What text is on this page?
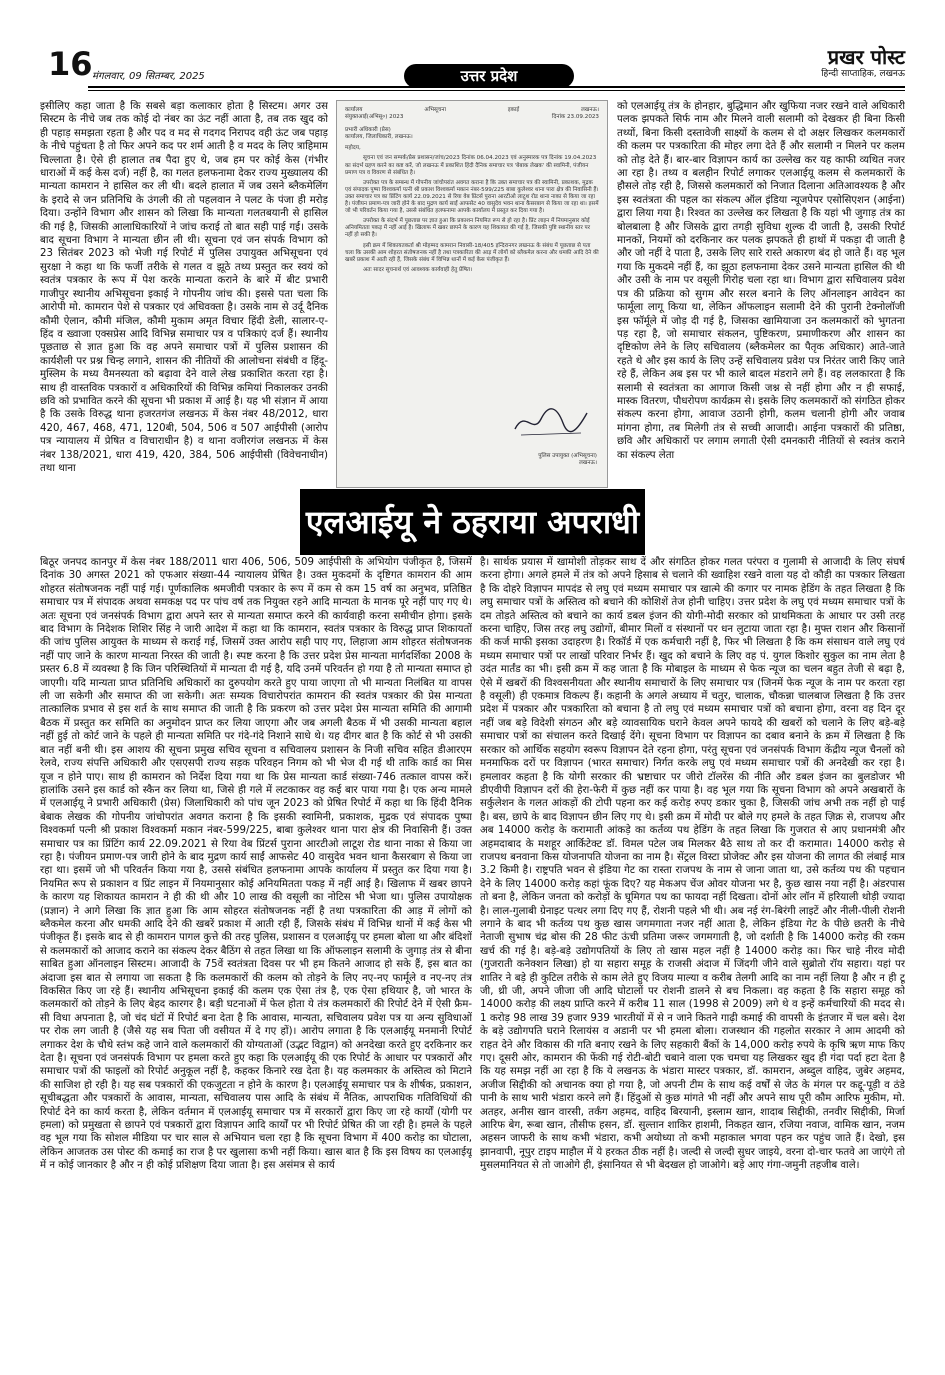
16 मंगलवार, 09 सितम्बर, 2025	उत्तर प्रदेश
प्रखर पोस्ट
हिन्दी साप्ताहिक, लखनऊ

इसीलिए कहा जाता है कि सबसे बड़ा कलाकार होता है सिस्टम। अगर उस सिस्टम के नीचे जब तक कोई दो नंबर का ऊंट नहीं आता है, तब तक खुद को ही पहाड़ समझता रहता है और पद व मद से गदगद निरापद वही ऊंट जब पहाड़ के नीचे पहुंचता है तो फिर अपने कद पर शर्म आती है व मदद के लिए त्राहिमाम चिल्लाता है। ऐसे ही हालात तब पैदा हुए थे, जब हम पर कोई केस (गंभीर धाराओं में कई केस दर्ज) नहीं है, का गलत हलफनामा देकर राज्य मुख्यालय की मान्यता कामरान ने हासिल कर ली थी। बदले हालात में जब उसने ब्लैकमेलिंग के इरादे से जन प्रतिनिधि के उंगली की तो पहलवान ने पलट के पंजा ही मरोड़ दिया। उन्होंने विभाग और शासन को लिखा कि मान्यता गलतबयानी से हासिल की गई है, जिसकी आलाधिकारियों ने जांच कराई तो बात सही पाई गई। उसके बाद सूचना विभाग ने मान्यता छीन ली थी। सूचना एवं जन संपर्क विभाग को 23 सितंबर 2023 को भेजी गई रिपोर्ट में पुलिस उपायुक्त अभिसूचना एवं सुरक्षा ने कहा था कि फर्जी तरीके से गलत व झूठे तथ्य प्रस्तुत कर स्वयं को स्वतंत्र पत्रकार के रूप में पेश करके मान्यता कराने के बारे में बीट प्रभारी गाजीपुर स्थानीय अभिसूचना इकाई ने गोपनीय जांच की। इससे पता चला कि आरोपी मो. कामरान पेशे से पत्रकार एवं अधिवक्ता है। उसके नाम से उर्दू दैनिक कौमी ऐलान, कौमी मंजिल, कौमी मुकाम अमृत विचार हिंदी डेली, सालार-ए-हिंद व ख्वाजा एक्सप्रेस आदि विभिन्न समाचार पत्र व पत्रिकाएं दर्ज हैं। स्थानीय पूछताछ से ज्ञात हुआ कि वह अपने समाचार पत्रों में पुलिस प्रशासन की कार्यशैली पर प्रश्न चिन्ह लगाने, शासन की नीतियों की आलोचना संबंधी व हिंदू-मुस्लिम के मध्य वैमनस्यता को बढ़ावा देने वाले लेख प्रकाशित करता रहा है। साथ ही वास्तविक पत्रकारों व अधिकारियों की विभिन्न कमियां निकालकर उनकी छवि को प्रभावित करने की सूचना भी प्रकाश में आई है। यह भी संज्ञान में आया है कि उसके विरुद्ध थाना हजरतगंज लखनऊ में केस नंबर 48/2012, धारा 420, 467, 468, 471, 120बी, 504, 506 व 507 आईपीसी (आरोप पत्र न्यायालय में प्रेषित व विचाराधीन है) व थाना वजीरगंज लखनऊ में केस नंबर 138/2021, धारा 419, 420, 384, 506 आईपीसी (विवेचनाधीन) तथा थाना

कार्यालय	अभिसूचना	इकाई	लखनऊ।
संयुक्तआई(अभिसू०) 2023	दिनांक 23.09.2023
प्रभारी अधिकारी (प्रेस)
कार्यालय, जिलाधिकारी, लखनऊ।
महोदय,

सूचना एवं जन सम्पर्क/प्रेस प्रशासन/जांच/2023 दिनांक 06.04.2023 एवं अनुस्मारक पत्र दिनांक 19.04.2023 का संदर्भ ग्रहण करने का कष्ट करें, जो लखनऊ में प्रकाशित हिंदी दैनिक समाचार पत्र 'बेबाक लेखक' की स्वामिनी, पंजीयन प्रमाण पत्र व विवरण से संबंधित है।

उपरोक्त पत्र के सम्बन्ध में गोपनीय जांचोपरांत अवगत कराना है कि उक्त समाचार पत्र की स्वामिनी, प्रकाशक, मुद्रक एवं संपादक पुष्पा विश्वकर्मा पत्नी श्री प्रकाश विश्वकर्मा मकान नंबर-599/225 बाबा कुलेश्वर थाना पारा क्षेत्र की निवासिनी हैं। उक्त समाचार पत्र का प्रिंटिंग कार्य 22.09.2021 से रिया वेब प्रिंटर्स पुराना आरटीओ लाटूश रोड थाना नाका से किया जा रहा है। पंजीयन प्रमाण-पत्र जारी होने के बाद मुद्रण कार्य साईं आफसेट 40 वासुदेव भवन थाना कैसरबाग से किया जा रहा था। इसमें जो भी परिवर्तन किया गया है, उससे संबंधित हलफनामा आपके कार्यालय में प्रस्तुत कर दिया गया है।

उपरोक्त के संदर्भ में पूछताछ पर ज्ञात हुआ कि प्रकाशन नियमित रूप से हो रहा है। प्रिंट लाइन में नियमानुसार कोई अनियमितता पकड़ में नहीं आई है। खिलाफ में खबर छापने के कारण यह शिकायत की गई है, जिसकी पुष्टि स्थानीय स्तर पर नहीं हो सकी है।

इसी क्रम में शिकायतकर्ता श्री मोहम्मद कामरान निवासी-18/405 इन्दिरानगर लखनऊ के संबंध में पूछताछ से पता चला कि उसकी आम शोहरत संतोषजनक नहीं है तथा पत्रकारिता की आड़ में लोगों को ब्लैकमेल करना और धमकी आदि देने की खबरें प्रकाश में आती रही हैं, जिसके संबंध में विभिन्न थानों में कई केस पंजीकृत हैं।

अतः सादर सूचनार्थ एवं आवश्यक कार्यवाही हेतु प्रेषित।

पुलिस उपायुक्त (अभिसूचना)
लखनऊ।

को एलआईयू तंत्र के होनहार, बुद्धिमान और खुफिया नजर रखने वाले अधिकारी पलक झपकते सिर्फ नाम और मिलने वाली सलामी को देखकर ही बिना किसी तथ्यों, बिना किसी दस्तावेजी साक्ष्यों के कलम से दो अक्षर लिखकर कलमकारों की कलम पर पत्रकारिता की मोहर लगा देते हैं और सलामी न मिलने पर कलम को तोड़ देते हैं। बार-बार विज्ञापन कार्य का उल्लेख कर यह काफी व्यथित नजर आ रहा है। तथ्य व बलहीन रिपोर्ट लगाकर एलआईयू कलम से कलमकारों के हौसले तोड़ रही है, जिससे कलमकारों को निजात दिलाना अतिआवश्यक है और इस स्वतंत्रता की पहल का संकल्प ऑल इंडिया न्यूजपेपर एसोसिएशन (आईना) द्वारा लिया गया है। रिश्वत का उल्लेख कर लिखता है कि यहां भी जुगाड़ तंत्र का बोलबाला है और जिसके द्वारा तगड़ी सुविधा शुल्क दी जाती है, उसकी रिपोर्ट मानकों, नियमों को दरकिनार कर पलक झपकते ही हाथों में पकड़ा दी जाती है और जो नहीं दे पाता है, उसके लिए सारे रास्ते अकारण बंद हो जाते हैं। वह भूल गया कि मुकदमे नहीं हैं, का झूठा हलफनामा देकर उसने मान्यता हासिल की थी और उसी के नाम पर वसूली गिरोह चला रहा था। विभाग द्वारा सचिवालय प्रवेश पत्र की प्रक्रिया को सुगम और सरल बनाने के लिए ऑनलाइन आवेदन का फार्मूला लागू किया था, लेकिन ऑफलाइन सलामी देने की पुरानी टेक्नोलॉजी इस फॉर्मूले में जोड़ दी गई है, जिसका खामियाजा उन कलमकारों को भुगतना पड़ रहा है, जो समाचार संकलन, पुष्टिकरण, प्रमाणीकरण और शासन का दृष्टिकोण लेने के लिए सचिवालय (ब्लैकमेलर का पैतृक अधिकार) आते-जाते रहते थे और इस कार्य के लिए उन्हें सचिवालय प्रवेश पत्र निरंतर जारी किए जाते रहे हैं, लेकिन अब इस पर भी काले बादल मंडराने लगे हैं। वह ललकारता है कि सलामी से स्वतंत्रता का आगाज किसी जश्न से नहीं होगा और न ही सफाई, मास्क वितरण, पौधरोपण कार्यक्रम से। इसके लिए कलमकारों को संगठित होकर संकल्प करना होगा, आवाज उठानी होगी, कलम चलानी होगी और जवाब मांगना होगा, तब मिलेगी तंत्र से सच्ची आजादी। आईना पत्रकारों की प्रतिष्ठा, छवि और अधिकारों पर लगाम लगाती ऐसी दमनकारी नीतियों से स्वतंत्र कराने का संकल्प लेता

एलआईयू ने ठहराया अपराधी

बिठूर जनपद कानपुर में केस नंबर 188/2011 धारा 406, 506, 509 आईपीसी के अभियोग पंजीकृत है, जिसमें दिनांक 30 अगस्त 2021 को एफआर संख्या-44 न्यायालय प्रेषित है। उक्त मुकदमों के दृष्टिगत कामरान की आम शोहरत संतोषजनक नहीं पाई गई। पूर्णकालिक श्रमजीवी पत्रकार के रूप में कम से कम 15 वर्ष का अनुभव, प्रतिष्ठित समाचार पत्र में संपादक अथवा समकक्ष पद पर पांच वर्ष तक नियुक्त रहने आदि मान्यता के मानक पूरे नहीं पाए गए थे। अतः सूचना एवं जनसंपर्क विभाग द्वारा अपने स्तर से मान्यता समाप्त करने की कार्यवाही करना समीचीन होगा। इसके बाद विभाग के निदेशक शिशिर सिंह ने जारी आदेश में कहा था कि कामरान, स्वतंत्र पत्रकार के विरुद्ध प्राप्त शिकायतों की जांच पुलिस आयुक्त के माध्यम से कराई गई, जिसमें उक्त आरोप सही पाए गए, लिहाजा आम शोहरत संतोषजनक नहीं पाए जाने के कारण मान्यता निरस्त की जाती है। स्पष्ट करना है कि उत्तर प्रदेश प्रेस मान्यता मार्गदर्शिका 2008 के प्रस्तर 6.8 में व्यवस्था है कि जिन परिस्थितियों में मान्यता दी गई है, यदि उनमें परिवर्तन हो गया है तो मान्यता समाप्त हो जाएगी। यदि मान्यता प्राप्त प्रतिनिधि अधिकारों का दुरुपयोग करते हुए पाया जाएगा तो भी मान्यता निलंबित या वापस ली जा सकेगी और समाप्त की जा सकेगी। अतः सम्यक विचारोपरांत कामरान की स्वतंत्र पत्रकार की प्रेस मान्यता तात्कालिक प्रभाव से इस शर्त के साथ समाप्त की जाती है कि प्रकरण को उत्तर प्रदेश प्रेस मान्यता समिति की आगामी बैठक में प्रस्तुत कर समिति का अनुमोदन प्राप्त कर लिया जाएगा और जब अगली बैठक में भी उसकी मान्यता बहाल नहीं हुई तो कोर्ट जाने के पहले ही मान्यता समिति पर गंदे-गंदे निशाने साधे थे। यह दीगर बात है कि कोर्ट से भी उसकी बात नहीं बनी थी। इस आशय की सूचना प्रमुख सचिव सूचना व सचिवालय प्रशासन के निजी सचिव सहित डीआरएम रेलवे, राज्य संपत्ति अधिकारी और एसएसपी राज्य सड़क परिवहन निगम को भी भेज दी गई थी ताकि कार्ड का मिस यूज न होने पाए। साथ ही कामरान को निर्देश दिया गया था कि प्रेस मान्यता कार्ड संख्या-746 तत्काल वापस करें। हालांकि उसने इस कार्ड को स्कैन कर लिया था, जिसे ही गले में लटकाकर वह कई बार पाया गया है। एक अन्य मामले में एलआईयू ने प्रभारी अधिकारी (प्रेस) जिलाधिकारी को पांच जून 2023 को प्रेषित रिपोर्ट में कहा था कि हिंदी दैनिक बेबाक लेखक की गोपनीय जांचोपरांत अवगत कराना है कि इसकी स्वामिनी, प्रकाशक, मुद्रक एवं संपादक पुष्पा विश्वकर्मा पत्नी श्री प्रकाश विश्वकर्मा मकान नंबर-599/225, बाबा कुलेश्वर थाना पारा क्षेत्र की निवासिनी हैं। उक्त समाचार पत्र का प्रिंटिंग कार्य 22.09.2021 से रिया वेब प्रिंटर्स पुराना आरटीओ लाटूश रोड थाना नाका से किया जा रहा है। पंजीयन प्रमाण-पत्र जारी होने के बाद मुद्रण कार्य साईं आफसेट 40 वासुदेव भवन थाना कैसरबाग से किया जा रहा था। इसमें जो भी परिवर्तन किया गया है, उससे संबंधित हलफनामा आपके कार्यालय में प्रस्तुत कर दिया गया है। नियमित रूप से प्रकाशन व प्रिंट लाइन में नियमानुसार कोई अनियमितता पकड़ में नहीं आई है। खिलाफ में खबर छापने के कारण यह शिकायत कामरान ने ही की थी और 10 लाख की वसूली का नोटिस भी भेजा था। पुलिस उपायोक्षक (प्रज्ञान) ने आगे लिखा कि ज्ञात हुआ कि आम सोहरत संतोषजनक नहीं है तथा पत्रकारिता की आड़ में लोगों को ब्लैकमेल करना और धमकी आदि देने की खबरें प्रकाश में आती रही हैं, जिसके संबंध में विभिन्न थानों में कई केस भी पंजीकृत हैं। इसके बाद से ही कामरान पागल कुत्ते की तरह पुलिस, प्रशासन व एलआईयू पर हमला बोला था और बंदिशों से कलमकारों को आजाद कराने का संकल्प देकर बैठिंग से तहत लिखा था कि ऑफलाइन सलामी के जुगाड़ तंत्र से बीना साबित हुआ ऑनलाइन सिस्टम। आजादी के 75वें स्वतंत्रता दिवस पर भी हम कितने आजाद हो सके हैं, इस बात का अंदाजा इस बात से लगाया जा सकता है कि कलमकारों की कलम को तोड़ने के लिए नए-नए फार्मूले व नए-नए तंत्र विकसित किए जा रहे हैं। स्थानीय अभिसूचना इकाई की कलम एक ऐसा तंत्र है, एक ऐसा हथियार है, जो भारत के कलमकारों को तोड़ने के लिए बेहद कारगर है। बड़ी घटनाओं में फेल होता ये तंत्र कलमकारों की रिपोर्ट देने में ऐसी फ्रैम-सी विधा अपनाता है, जो चंद घंटों में रिपोर्ट बना देता है कि आवास, मान्यता, सचिवालय प्रवेश पत्र या अन्य सुविधाओं पर रोक लग जाती है (जैसे यह सब पिता जी वसीयत में दे गए हों)। आरोप लगाता है कि एलआईयू मनमानी रिपोर्ट लगाकर देश के चौथे स्तंभ कहे जाने वाले कलमकारों की योग्यताओं (उद्भट विद्वान) को अनदेखा करते हुए दरकिनार कर देता है। सूचना एवं जनसंपर्क विभाग पर हमला करते हुए कहा कि एलआईयू की एक रिपोर्ट के आधार पर पत्रकारों और समाचार पत्रों की फाइलों को रिपोर्ट अनुकूल नहीं है, कहकर किनारे रख देता है। यह कलमकार के अस्तित्व को मिटाने की साजिश हो रही है। यह सब पत्रकारों की एकजुटता न होने के कारण है। एलआईयू समाचार पत्र के शीर्षक, प्रकाशन, सूचीबद्धता और पत्रकारों के आवास, मान्यता, सचिवालय पास आदि के संबंध में नैतिक, आपराधिक गतिविधियों की रिपोर्ट देने का कार्य करता है, लेकिन वर्तमान में एलआईयू समाचार पत्र में सरकारों द्वारा किए जा रहे कार्यों (योगी पर हमला) को प्रमुखता से छापने एवं पत्रकारों द्वारा विज्ञापन आदि कार्यों पर भी रिपोर्ट प्रेषित की जा रही है। हमले के पहले वह भूल गया कि सोशल मीडिया पर चार साल से अभियान चला रहा है कि सूचना विभाग में 400 करोड़ का घोटाला, लेकिन आजतक उस पोस्ट की कमाई का राज है पर खुलासा कभी नहीं किया। खास बात है कि इस विषय का एलआईयू में न कोई जानकार है और न ही कोई प्रशिक्षण दिया जाता है। इस असंमत्र से कार्य

है। सार्थक प्रयास में खामोशी तोड़कर साथ दें और संगठित होकर गलत परंपरा व गुलामी से आजादी के लिए संघर्ष करना होगा। अगले हमले में तंत्र को अपने हिसाब से चलाने की ख्वाहिश रखने वाला यह दो कौड़ी का पत्रकार लिखता है कि दोहरे विज्ञापन मापदंड से लघु एवं मध्यम समाचार पत्र खात्मे की कगार पर नामक हेडिंग के तहत लिखता है कि लघु समाचार पत्रों के अस्तित्व को बचाने की कोशिशें तेज होनी चाहिए। उत्तर प्रदेश के लघु एवं मध्यम समाचार पत्रों के दम तोड़ते अस्तित्व को बचाने का कार्य डबल इंजन की योगी-मोदी सरकार को प्राथमिकता के आधार पर उसी तरह करना चाहिए, जिस तरह लघु उद्योगों, बीमार मिलों व संस्थानों पर धन लुटाया जाता रहा है। मुफ्त राशन और किसानों की कर्ज माफी इसका उदाहरण है। रिकॉर्ड में एक कर्मचारी नहीं है, फिर भी लिखता है कि कम संसाधन वाले लघु एवं मध्यम समाचार पत्रों पर लाखों परिवार निर्भर हैं। खुद को बचाने के लिए वह पं. युगल किशोर सुकुल का नाम लेता है उदंत मार्तंड का भी। इसी क्रम में कह जाता है कि मोबाइल के माध्यम से फेक न्यूज का चलन बहुत तेजी से बढ़ा है, ऐसे में खबरों की विश्वसनीयता और स्थानीय समाचारों के लिए समाचार पत्र (जिनमें फेक न्यूज के नाम पर करता रहा है वसूली) ही एकमात्र विकल्प हैं। कहानी के अगले अध्याय में चतुर, चालाक, चौकन्ना चालबाज लिखता है कि उत्तर प्रदेश में पत्रकार और पत्रकारिता को बचाना है तो लघु एवं मध्यम समाचार पत्रों को बचाना होगा, वरना वह दिन दूर नहीं जब बड़े विदेशी संगठन और बड़े व्यावसायिक घराने केवल अपने फायदे की खबरों को चलाने के लिए बड़े-बड़े समाचार पत्रों का संचालन करते दिखाई देंगे। सूचना विभाग पर विज्ञापन का दबाव बनाने के क्रम में लिखता है कि सरकार को आर्थिक सहयोग स्वरूप विज्ञापन देते रहना होगा, परंतु सूचना एवं जनसंपर्क विभाग केंद्रीय न्यूज चैनलों को मनमाफिक दरों पर विज्ञापन (भारत समाचार) निर्गत करके लघु एवं मध्यम समाचार पत्रों की अनदेखी कर रहा है। हमलावर कहता है कि योगी सरकार की भ्रष्टाचार पर जीरो टॉलरेंस की नीति और डबल इंजन का बुलडोजर भी डीएवीपी विज्ञापन दरों की हेरा-फेरी में कुछ नहीं कर पाया है। वह भूल गया कि सूचना विभाग को अपने अखबारों के सर्कुलेशन के गलत आंकड़ों की टोपी पहना कर कई करोड़ रुपए डकार चुका है, जिसकी जांच अभी तक नहीं हो पाई है। बस, छापे के बाद विज्ञापन छीन लिए गए थे। इसी क्रम में मोदी पर बोले गए हमले के तहत ज़िक्र से, राजपथ और अब 14000 करोड़ के करामाती आंकड़े का कर्तव्य पथ हेडिंग के तहत लिखा कि गुजरात से आए प्रधानमंत्री और अहमदाबाद के मशहूर आर्किटेक्ट डॉ. विमल पटेल जब मिलकर बैठे साथ तो कर दी करामात। 14000 करोड़ से राजपथ बनवाना किस योजनापति योजना का नाम है। सेंट्रल विस्टा प्रोजेक्ट और इस योजना की लागत की लंबाई मात्र 3.2 किमी है। राष्ट्रपति भवन से इंडिया गेट का रास्ता राजपथ के नाम से जाना जाता था, उसे कर्तव्य पथ की पहचान देने के लिए 14000 करोड़ कहां फूंक दिए? यह मेकअप चेंज ओवर योजना भर है, कुछ खास नया नहीं है। अंडरपास तो बना है, लेकिन जनता को करोड़ों के घूमिगत पथ का फायदा नहीं दिखता। दोनों ओर लॉन में हरियाली थोड़ी ज्यादा है। लाल-गुलाबी ग्रेनाइट पत्थर लगा दिए गए हैं, रोशनी पहले भी थी। अब नई रंग-बिरंगी लाइटें और नीली-पीली रोशनी लगाने के बाद भी कर्तव्य पथ कुछ खास जगमगाता नजर नहीं आता है, लेकिन इंडिया गेट के पीछे छतरी के नीचे नेताजी सुभाष चंद्र बोस की 28 फीट ऊंची प्रतिमा जरूर जगमगाती है, जो दर्शाती है कि 14000 करोड़ की रकम खर्च की गई है। बड़े-बड़े उद्योगपतियों के लिए तो खास महल नहीं है 14000 करोड़ का। फिर चाहे नीरव मोदी (गुजराती कनेक्शन लिखा) हो या सहारा समूह के राजसी अंदाज में जिंदगी जीने वाले सुब्रोतो रॉय सहारा। यहां पर शातिर ने बड़े ही कुटिल तरीके से काम लेते हुए विजय माल्या व करीब तेलगी आदि का नाम नहीं लिया है और न ही टू जी, थ्री जी, अपने जीजा जी आदि घोटालों पर रोशनी डालने से बच निकला। वह कहता है कि सहारा समूह को 14000 करोड़ की लक्ष्य प्राप्ति करने में करीब 11 साल (1998 से 2009) लगे थे व इन्हें कर्मचारियों की मदद से। 1 करोड़ 98 लाख 39 हजार 939 भारतीयों में से न जाने कितने गाढ़ी कमाई की वापसी के इंतजार में चल बसे। देश के बड़े उद्योगपति घराने रिलायंस व अडानी पर भी हमला बोला। राजस्थान की गहलोत सरकार ने आम आदमी को राहत देने और विकास की गति बनाए रखने के लिए सहकारी बैंकों के 14,000 करोड़ रुपये के कृषि ऋण माफ किए गए। दूसरी ओर, कामरान की फेंकी गई रोटी-बोटी चबाने वाला एक चमचा यह लिखकर खुद ही गंदा पर्दा हटा देता है कि यह समझ नहीं आ रहा है कि ये लखनऊ के भंडारा मास्टर पत्रकार, डॉ. कामरान, अब्दुल वाहिद, जुबेर अहमद, अजीज सिद्दीकी को अचानक क्या हो गया है, जो अपनी टीम के साथ कई वर्षों से जेठ के मंगल पर कद्दू-पूड़ी व ठंडे पानी के साथ भारी भंडारा करने लगे हैं। हिंदुओं से कुछ मांगते भी नहीं और अपने साथ पूरी कौम आरिफ मुकीम, मो. अतहर, अनीस खान वारसी, तर्कंग अहमद, वाहिद बिरयानी, इस्लाम खान, शादाब सिद्दीकी, तनवीर सिद्दीकी, मिर्जा आरिफ बेग, रूबा खान, तौसीफ हसन, डॉ. सुल्तान शाकिर हाशमी, निकहत खान, रजिया नवाज, वामिक खान, नजम अहसन जाफरी के साथ कभी भंडारा, कभी अयोध्या तो कभी महाकाल भगवा पहन कर पहुंच जाते हैं। देखो, इस झानवापी, नूपुर टाइप माहौल में ये हरकत ठीक नहीं है। जल्दी से जल्दी सुधर जाइये, वरना दो-चार फतवे आ जाएंगे तो मुसलमानियत से तो जाओगे ही, इंसानियत से भी बेदखल हो जाओगे। बड़े आए गंगा-जमुनी तहजीब वाले।
